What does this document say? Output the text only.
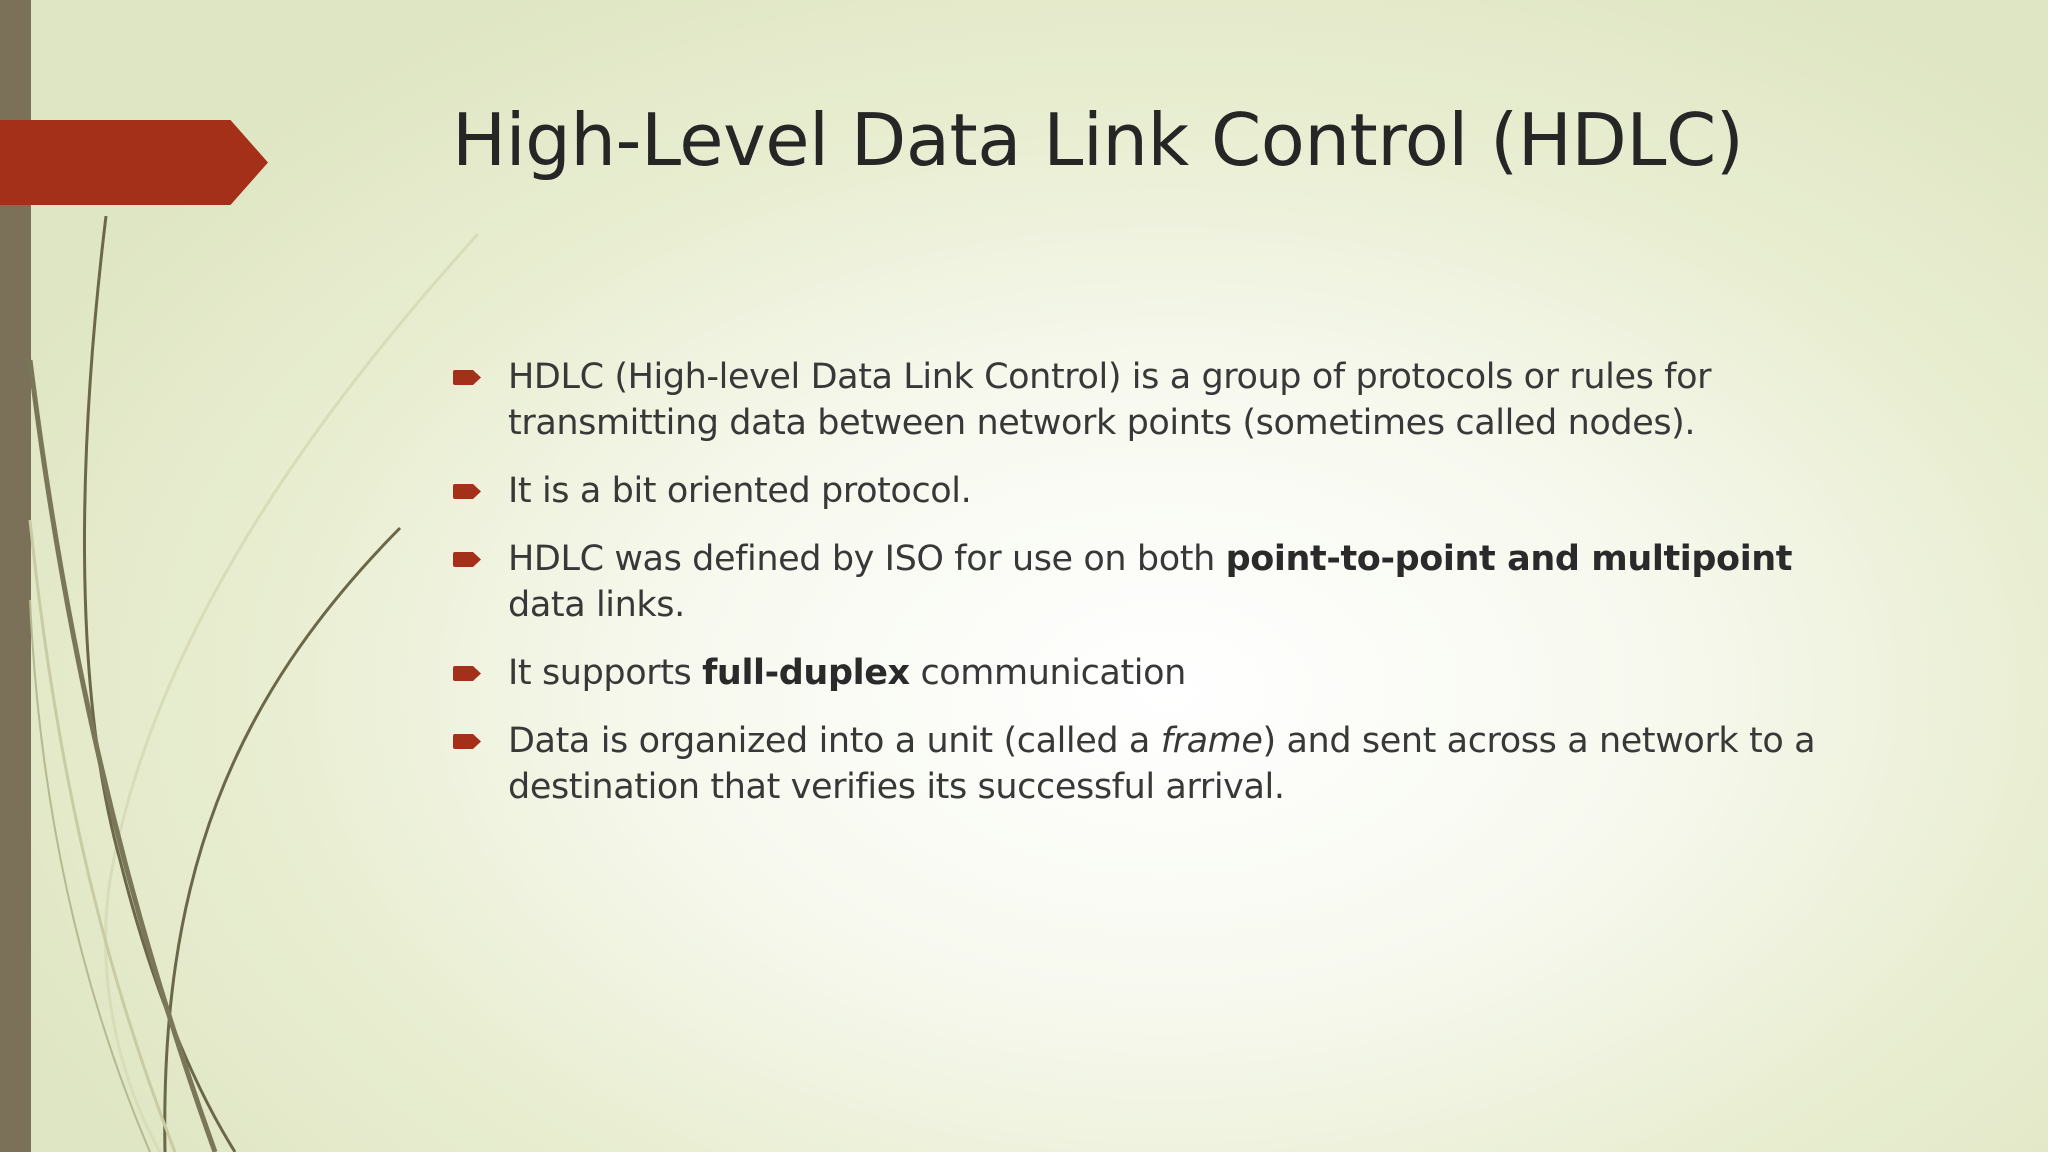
High-Level Data Link Control (HDLC)
HDLC (High-level Data Link Control) is a group of protocols or rules for transmitting data between network points (sometimes called nodes).
It is a bit oriented protocol.
HDLC was defined by ISO for use on both point-to-point and multipoint data links.
It supports full-duplex communication
Data is organized into a unit (called a frame) and sent across a network to a destination that verifies its successful arrival.
